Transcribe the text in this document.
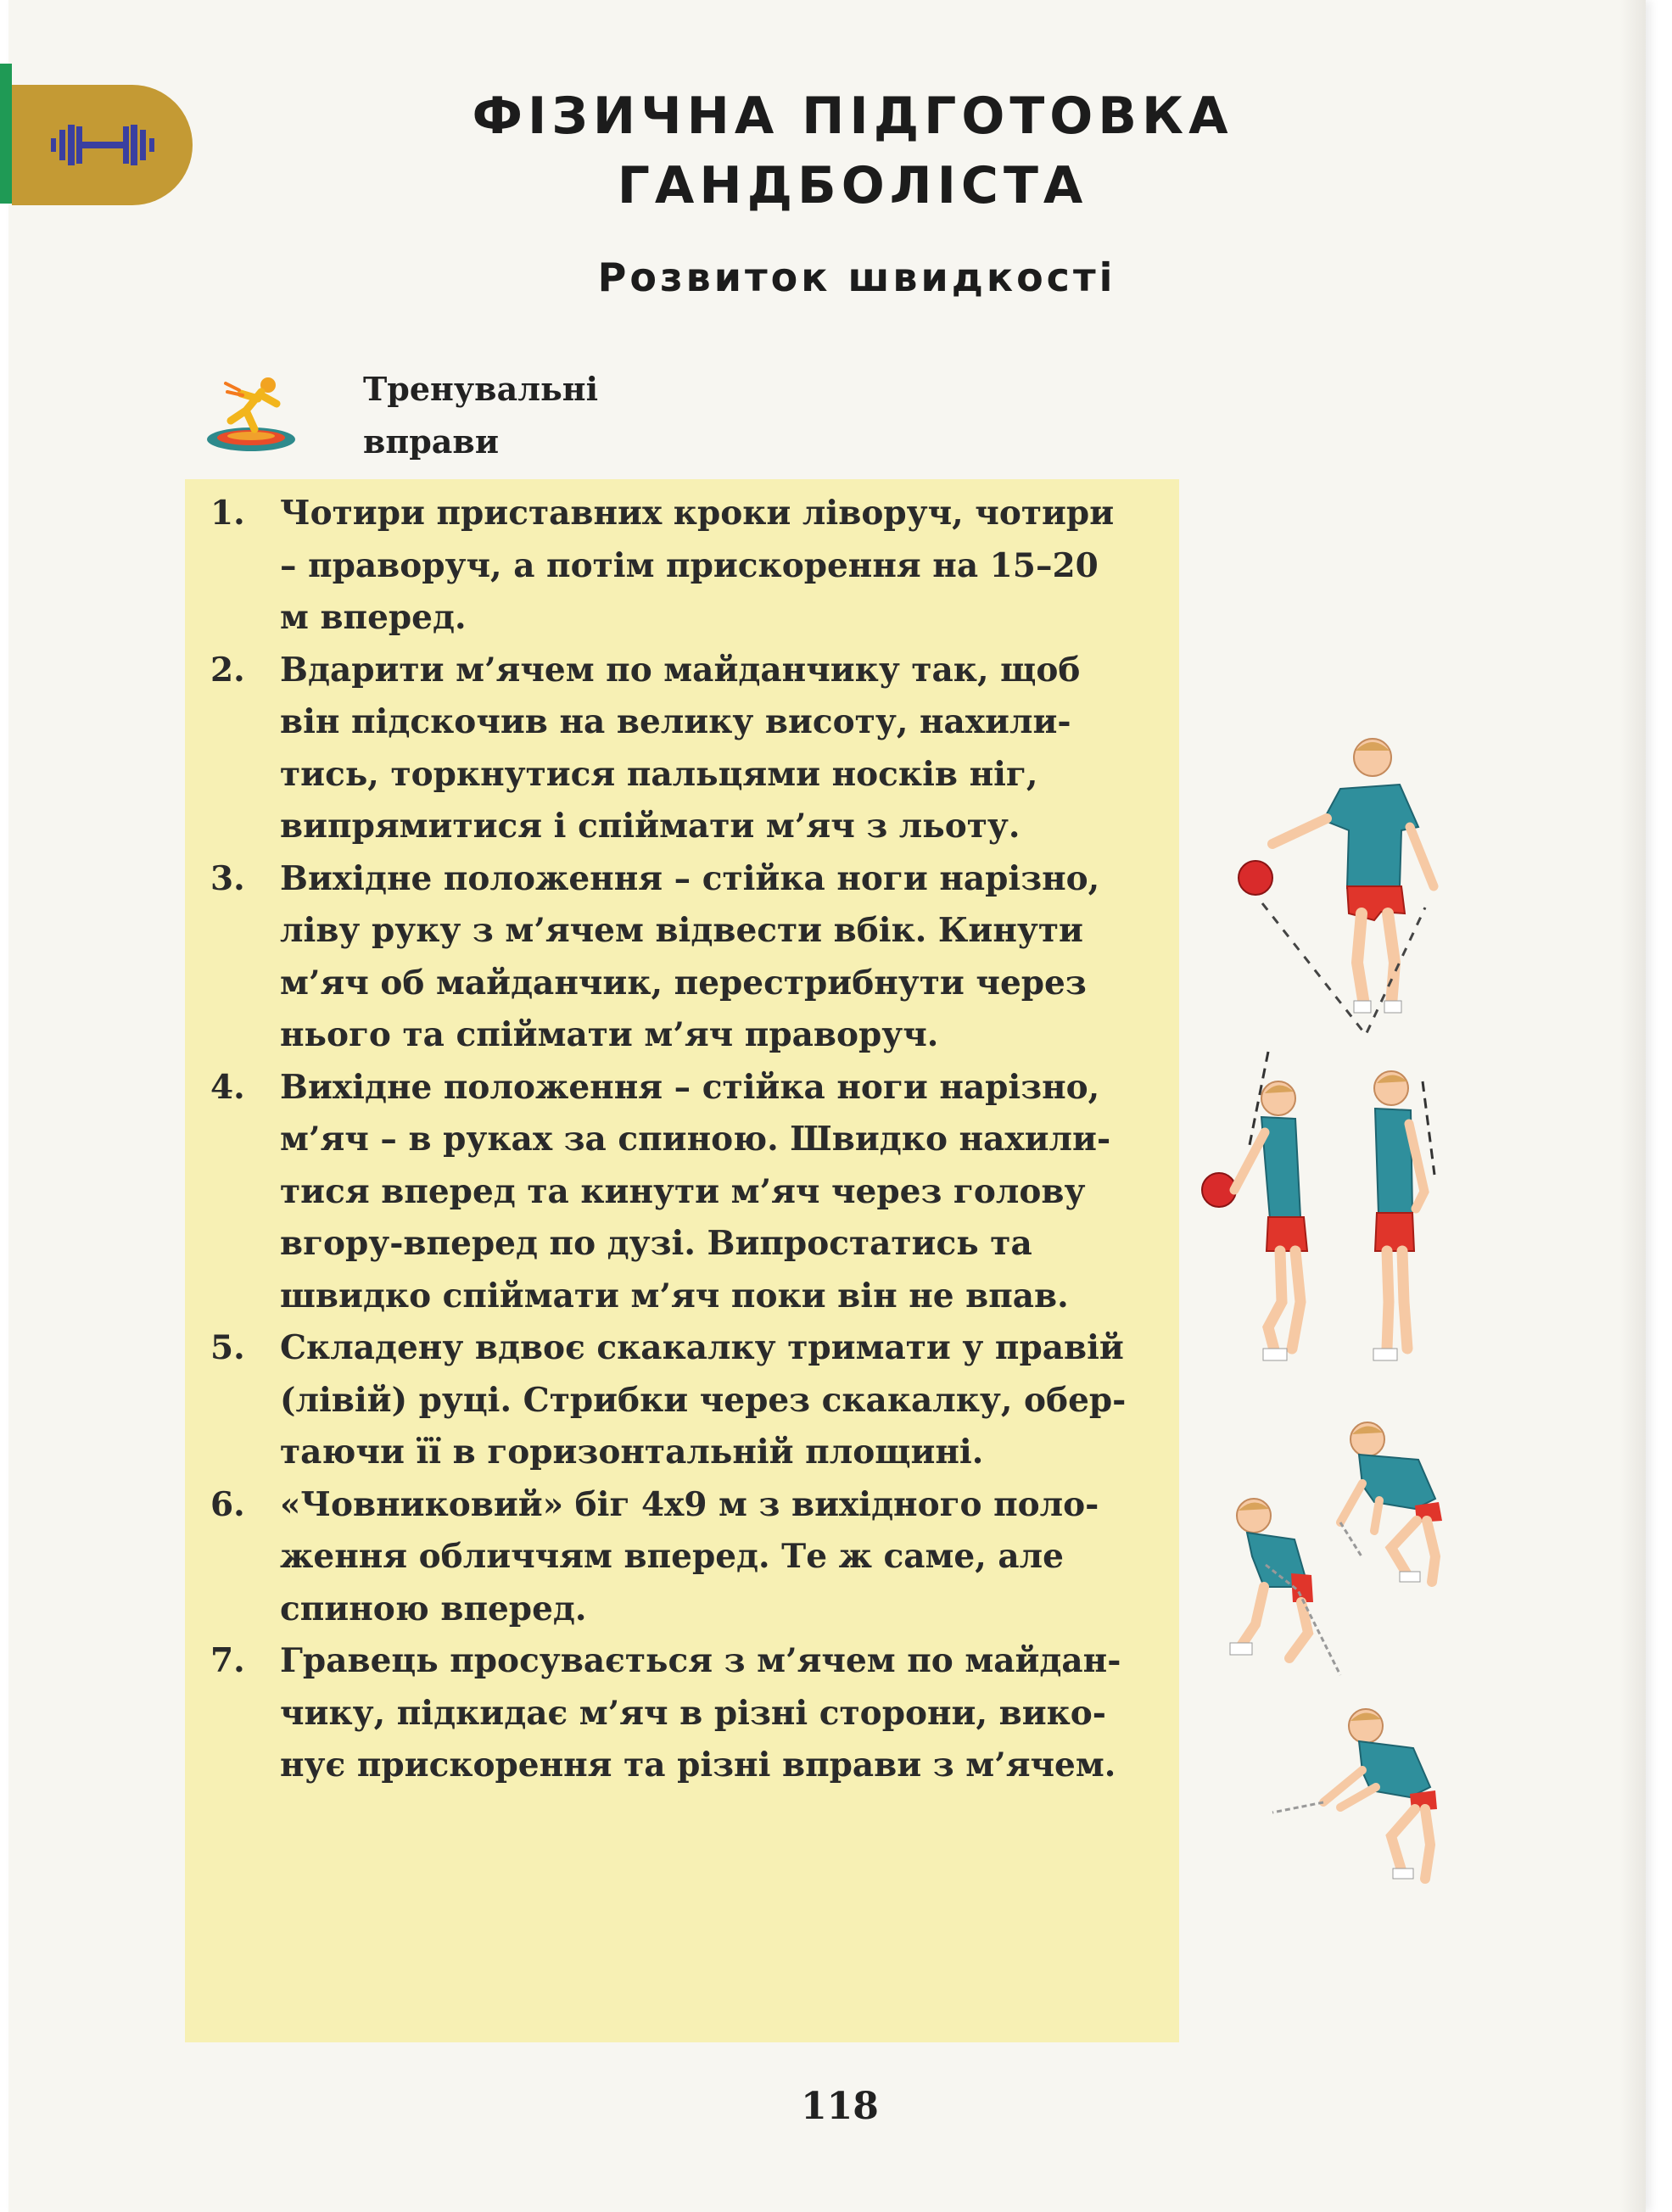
ФІЗИЧНА ПІДГОТОВКА
ГАНДБОЛІСТА
Розвиток швидкості
Тренувальні
вправи
1.	Чотири приставних кроки ліворуч, чотири
– праворуч, а потім прискорення на 15–20
м вперед.
2.	Вдарити м’ячем по майданчику так, щоб
він підскочив на велику висоту, нахили-
тись, торкнутися пальцями носків ніг,
випрямитися і спіймати м’яч з льоту.
3.	Вихідне положення – стійка ноги нарізно,
ліву руку з м’ячем відвести вбік. Кинути
м’яч об майданчик, перестрибнути через
нього та спіймати м’яч праворуч.
4.	Вихідне положення – стійка ноги нарізно,
м’яч – в руках за спиною. Швидко нахили-
тися вперед та кинути м’яч через голову
вгору-вперед по дузі. Випростатись та
швидко спіймати м’яч поки він не впав.
5.	Складену вдвоє скакалку тримати у правій
(лівій) руці. Стрибки через скакалку, обер-
таючи її в горизонтальній площині.
6.	«Човниковий» біг 4х9 м з вихідного поло-
ження обличчям вперед. Те ж саме, але
спиною вперед.
7.	Гравець просувається з м’ячем по майдан-
чику, підкидає м’яч в різні сторони, вико-
нує прискорення та різні вправи з м’ячем.
118
